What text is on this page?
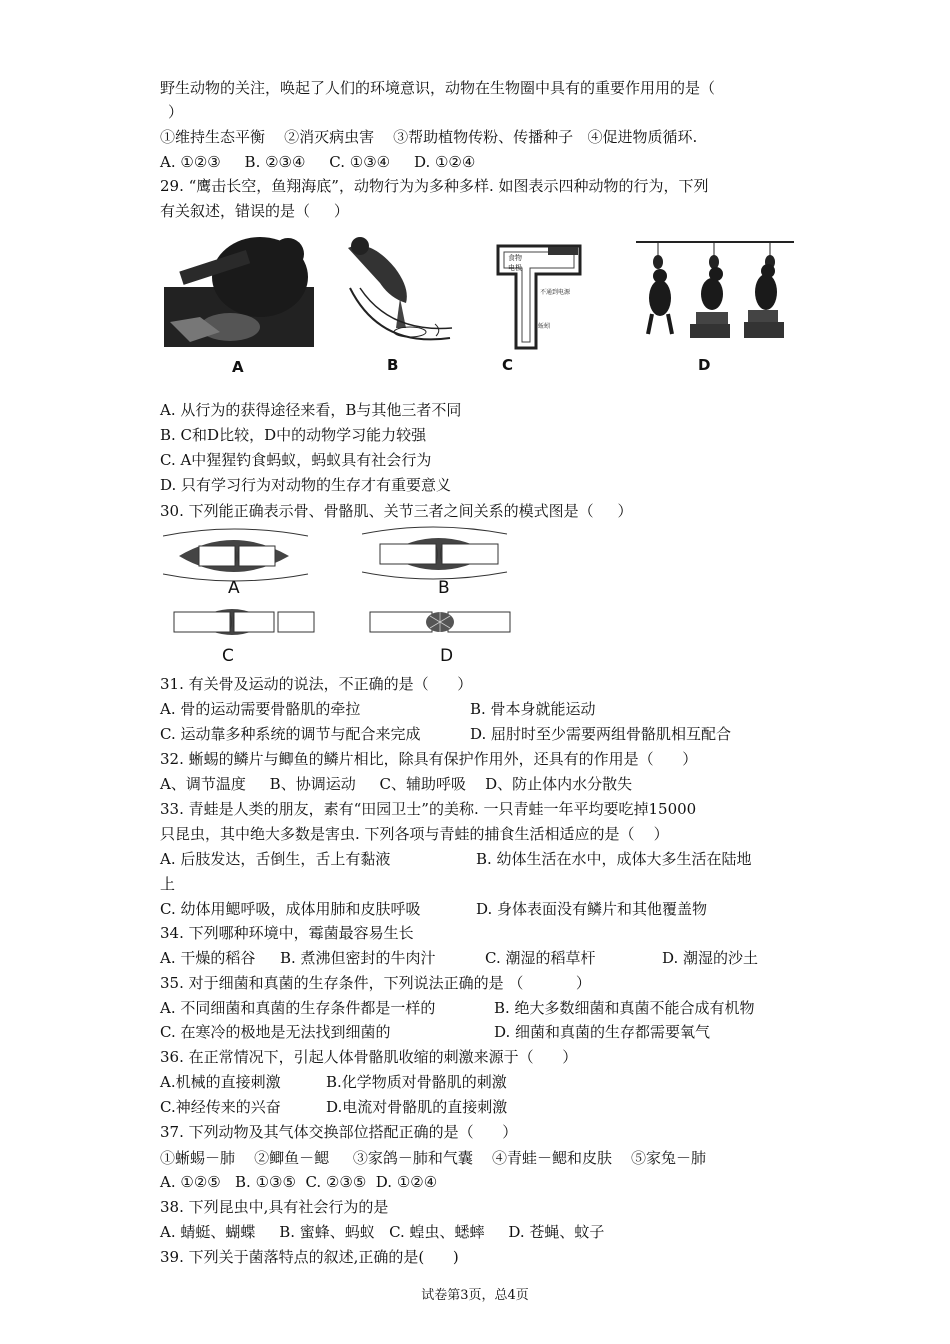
野生动物的关注，唤起了人们的环境意识，动物在生物圈中具有的重要作用用的是（
）
①维持生态平衡    ②消灭病虫害    ③帮助植物传粉、传播种子   ④促进物质循环.
A. ①②③     B. ②③④     C. ①③④     D. ①②④
29. “鹰击长空，鱼翔海底”，动物行为为多种多样. 如图表示四种动物的行为，下列
有关叙述，错误的是（     ）
A	B
食物
电极
不通到电源
蚯蚓
C	D
A. 从行为的获得途径来看，B与其他三者不同
B. C和D比较，D中的动物学习能力较强
C. A中猩猩钓食蚂蚁，蚂蚁具有社会行为
D. 只有学习行为对动物的生存才有重要意义
30. 下列能正确表示骨、骨骼肌、关节三者之间关系的模式图是（     ）
A	B
C	D
31. 有关骨及运动的说法，不正确的是（      ）

A. 骨的运动需要骨骼肌的牵拉

	B. 骨本身就能运动

C. 运动靠多种系统的调节与配合来完成

	D. 屈肘时至少需要两组骨骼肌相互配合

32. 蜥蜴的鳞片与鲫鱼的鳞片相比，除具有保护作用外，还具有的作用是（      ）
A、调节温度     B、协调运动     C、辅助呼吸    D、防止体内水分散失
33. 青蛙是人类的朋友，素有“田园卫士”的美称. 一只青蛙一年平均要吃掉15000
只昆虫，其中绝大多数是害虫. 下列各项与青蛙的捕食生活相适应的是（    ）

A. 后肢发达，舌倒生，舌上有黏液

	B. 幼体生活在水中，成体大多生活在陆地

上

C. 幼体用鳃呼吸，成体用肺和皮肤呼吸

	D. 身体表面没有鳞片和其他覆盖物

34. 下列哪种环境中，霉菌最容易生长

A. 干燥的稻谷

B. 煮沸但密封的牛肉汁

	C. 潮湿的稻草杆

	D. 潮湿的沙土

35. 对于细菌和真菌的生存条件，下列说法正确的是 （           ）

A. 不同细菌和真菌的生存条件都是一样的

	B. 绝大多数细菌和真菌不能合成有机物

C. 在寒冷的极地是无法找到细菌的

	D. 细菌和真菌的生存都需要氧气

36. 在正常情况下，引起人体骨骼肌收缩的刺激来源于（      ）

A.机械的直接刺激

	B.化学物质对骨骼肌的刺激

C.神经传来的兴奋

	D.电流对骨骼肌的直接刺激

37. 下列动物及其气体交换部位搭配正确的是（      ）
①蜥蜴－肺    ②鲫鱼－鳃     ③家鸽－肺和气囊    ④青蛙－鳃和皮肤    ⑤家兔－肺
A. ①②⑤   B. ①③⑤  C. ②③⑤  D. ①②④
38. 下列昆虫中,具有社会行为的是
A. 蜻蜓、蝴蝶     B. 蜜蜂、蚂蚁   C. 蝗虫、蟋蟀     D. 苍蝇、蚊子
39. 下列关于菌落特点的叙述,正确的是(      )
试卷第3页，总4页
